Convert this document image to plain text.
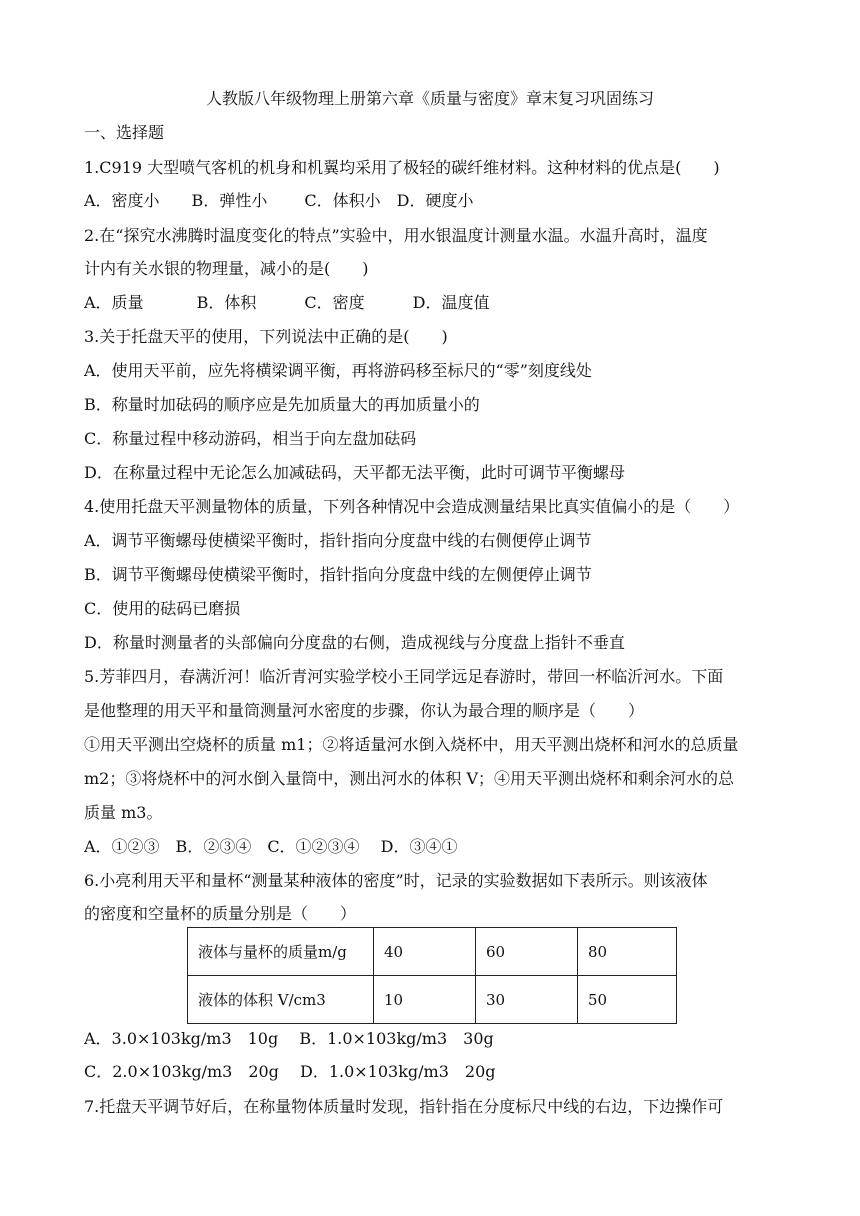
人教版八年级物理上册第六章《质量与密度》章末复习巩固练习
一、选择题
1.C919 大型喷气客机的机身和机翼均采用了极轻的碳纤维材料。这种材料的优点是(　　)
A．密度小　　B．弹性小　　 C．体积小　D．硬度小
2.在“探究水沸腾时温度变化的特点”实验中，用水银温度计测量水温。水温升高时，温度
计内有关水银的物理量，减小的是(　　)
A．质量　　　 B．体积　　　C．密度　　　D．温度值
3.关于托盘天平的使用，下列说法中正确的是(　　)
A．使用天平前，应先将横梁调平衡，再将游码移至标尺的“零”刻度线处
B．称量时加砝码的顺序应是先加质量大的再加质量小的
C．称量过程中移动游码，相当于向左盘加砝码
D．在称量过程中无论怎么加减砝码，天平都无法平衡，此时可调节平衡螺母
4.使用托盘天平测量物体的质量，下列各种情况中会造成测量结果比真实值偏小的是（　　）
A．调节平衡螺母使横梁平衡时，指针指向分度盘中线的右侧便停止调节
B．调节平衡螺母使横梁平衡时，指针指向分度盘中线的左侧便停止调节
C．使用的砝码已磨损
D．称量时测量者的头部偏向分度盘的右侧，造成视线与分度盘上指针不垂直
5.芳菲四月，春满沂河！临沂青河实验学校小王同学远足春游时，带回一杯临沂河水。下面
是他整理的用天平和量筒测量河水密度的步骤，你认为最合理的顺序是（　　）
①用天平测出空烧杯的质量 m1；②将适量河水倒入烧杯中，用天平测出烧杯和河水的总质量
m2；③将烧杯中的河水倒入量筒中，测出河水的体积 V；④用天平测出烧杯和剩余河水的总
质量 m3。
A．①②③　B．②③④　C．①②③④　 D．③④①
6.小亮利用天平和量杯“测量某种液体的密度”时，记录的实验数据如下表所示。则该液体
的密度和空量杯的质量分别是（　　）
液体与量杯的质量m/g	40	60	80
液体的体积 V/cm3	10	30	50
A．3.0×103kg/m3　10g　 B．1.0×103kg/m3　30g
C．2.0×103kg/m3　20g　 D．1.0×103kg/m3　20g
7.托盘天平调节好后，在称量物体质量时发现，指针指在分度标尺中线的右边，下边操作可
